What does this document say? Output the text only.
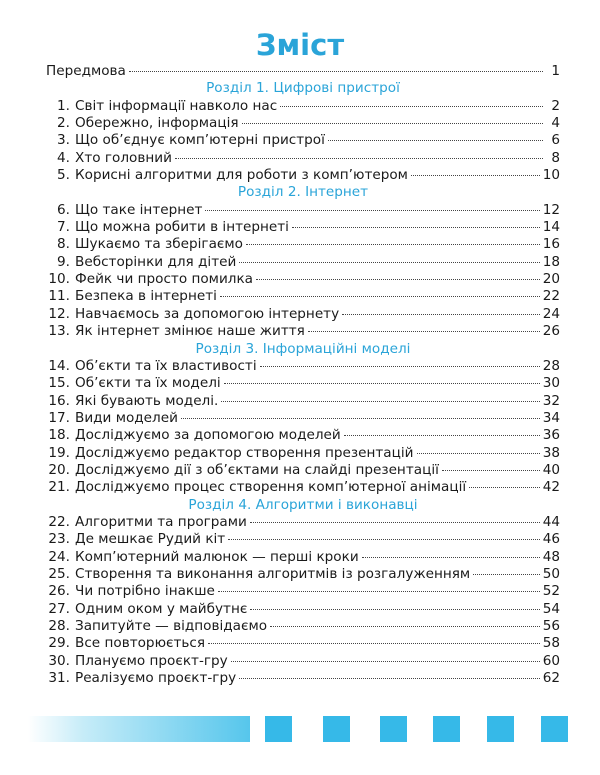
Зміст
Передмова	1
Розділ 1. Цифрові пристрої
1. Світ інформації навколо нас	2
2. Обережно, інформація	4
3. Що об’єднує комп’ютерні пристрої	6
4. Хто головний	8
5. Корисні алгоритми для роботи з комп’ютером	10
Розділ 2. Інтернет
6. Що таке інтернет	12
7. Що можна робити в інтернеті	14
8. Шукаємо та зберігаємо	16
9. Вебсторінки для дітей	18
10. Фейк чи просто помилка	20
11. Безпека в інтернеті	22
12. Навчаємось за допомогою інтернету	24
13. Як інтернет змінює наше життя	26
Розділ 3. Інформаційні моделі
14. Об’єкти та їх властивості	28
15. Об’єкти та їх моделі	30
16. Які бувають моделі.	32
17. Види моделей	34
18. Досліджуємо за допомогою моделей	36
19. Досліджуємо редактор створення презентацій	38
20. Досліджуємо дії з об’єктами на слайді презентації	40
21. Досліджуємо процес створення комп’ютерної анімації	42
Розділ 4. Алгоритми і виконавці
22. Алгоритми та програми	44
23. Де мешкає Рудий кіт	46
24. Комп’ютерний малюнок — перші кроки	48
25. Створення та виконання алгоритмів із розгалуженням	50
26. Чи потрібно інакше	52
27. Одним оком у майбутнє	54
28. Запитуйте — відповідаємо	56
29. Все повторюється	58
30. Плануємо проєкт-гру	60
31. Реалізуємо проєкт-гру	62
